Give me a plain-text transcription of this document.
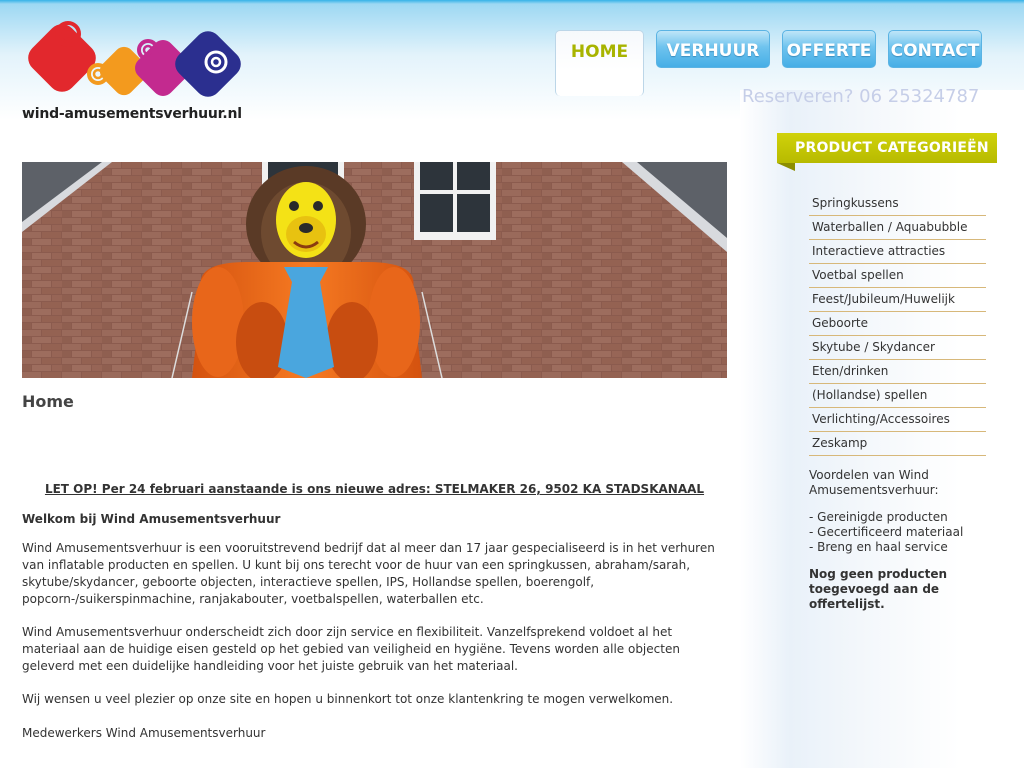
wind-amusementsverhuur.nl
HOME	VERHUUR	OFFERTE CONTACT
Reserveren? 06 25324787
Home
LET OP! Per 24 februari aanstaande is ons nieuwe adres: STELMAKER 26, 9502 KA STADSKANAAL
Welkom bij Wind Amusementsverhuur
Wind Amusementsverhuur is een vooruitstrevend bedrijf dat al meer dan 17 jaar gespecialiseerd is in het verhuren van inflatable producten en spellen. U kunt bij ons terecht voor de huur van een springkussen, abraham/sarah, skytube/skydancer, geboorte objecten, interactieve spellen, IPS, Hollandse spellen, boerengolf, popcorn-/suikerspinmachine, ranjakabouter, voetbalspellen, waterballen etc.
Wind Amusementsverhuur onderscheidt zich door zijn service en flexibiliteit. Vanzelfsprekend voldoet al het materiaal aan de huidige eisen gesteld op het gebied van veiligheid en hygiëne. Tevens worden alle objecten geleverd met een duidelijke handleiding voor het juiste gebruik van het materiaal.
Wij wensen u veel plezier op onze site en hopen u binnenkort tot onze klantenkring te mogen verwelkomen.
Medewerkers Wind Amusementsverhuur
PRODUCT CATEGORIEËN
Springkussens
Waterballen / Aquabubble
Interactieve attracties
Voetbal spellen
Feest/Jubileum/Huwelijk
Geboorte
Skytube / Skydancer
Eten/drinken
(Hollandse) spellen
Verlichting/Accessoires
Zeskamp
Voordelen van Wind Amusementsverhuur:
- Gereinigde producten
- Gecertificeerd materiaal
- Breng en haal service
Nog geen producten toegevoegd aan de offertelijst.
